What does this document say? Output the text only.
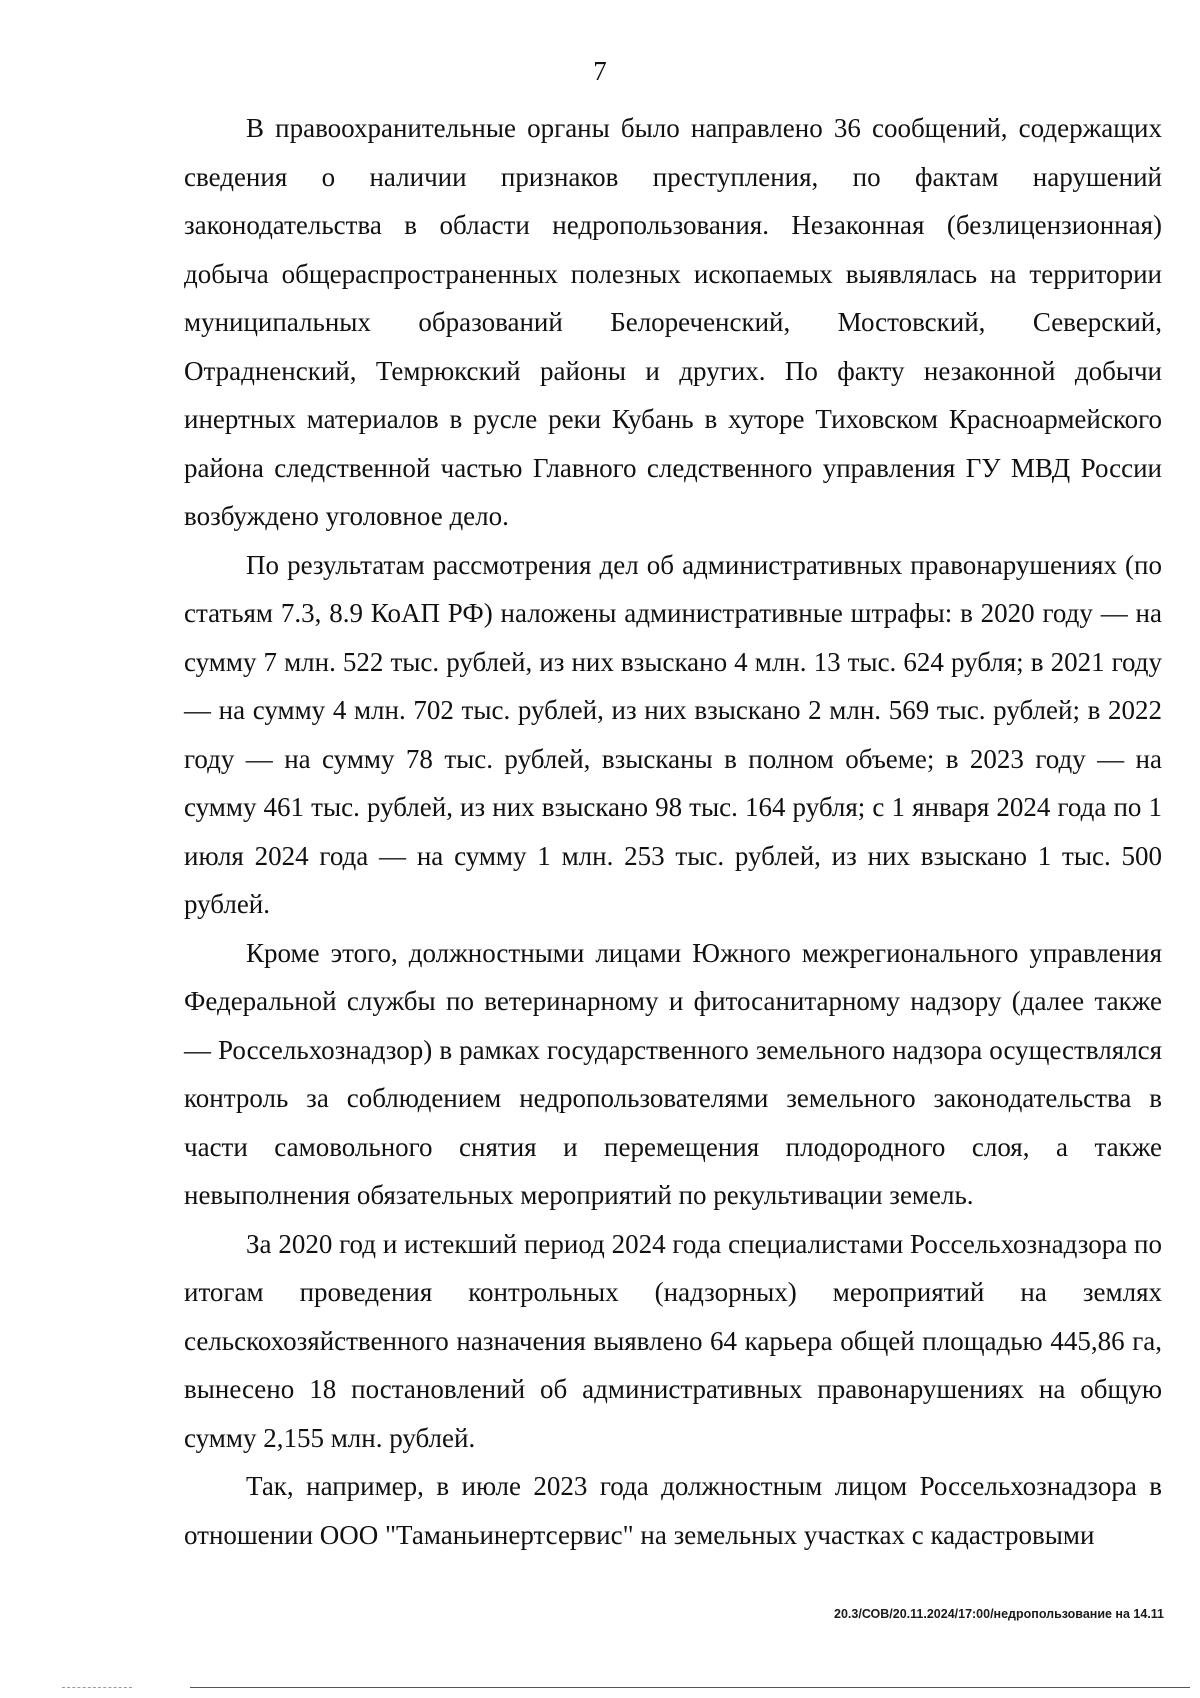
7

В правоохранительные органы было направлено 36 сообщений, содержащих сведения о наличии признаков преступления, по фактам нарушений законодательства в области недропользования. Незаконная (безлицензионная) добыча общераспространенных полезных ископаемых выявлялась на территории муниципальных образований Белореченский, Мостовский, Северский, Отрадненский, Темрюкский районы и других. По факту незаконной добычи инертных материалов в русле реки Кубань в хуторе Тиховском Красноармейского района следственной частью Главного следственного управления ГУ МВД России возбуждено уголовное дело.

По результатам рассмотрения дел об административных правонарушениях (по статьям 7.3, 8.9 КоАП РФ) наложены административные штрафы: в 2020 году — на сумму 7 млн. 522 тыс. рублей, из них взыскано 4 млн. 13 тыс. 624 рубля; в 2021 году — на сумму 4 млн. 702 тыс. рублей, из них взыскано 2 млн. 569 тыс. рублей; в 2022 году — на сумму 78 тыс. рублей, взысканы в полном объеме; в 2023 году — на сумму 461 тыс. рублей, из них взыскано 98 тыс. 164 рубля; с 1 января 2024 года по 1 июля 2024 года — на сумму 1 млн. 253 тыс. рублей, из них взыскано 1 тыс. 500 рублей.

Кроме этого, должностными лицами Южного межрегионального управления Федеральной службы по ветеринарному и фитосанитарному надзору (далее также — Россельхознадзор) в рамках государственного земельного надзора осуществлялся контроль за соблюдением недропользователями земельного законодательства в части самовольного снятия и перемещения плодородного слоя, а также невыполнения обязательных мероприятий по рекультивации земель.

За 2020 год и истекший период 2024 года специалистами Россельхознадзора по итогам проведения контрольных (надзорных) мероприятий на землях сельскохозяйственного назначения выявлено 64 карьера общей площадью 445,86 га, вынесено 18 постановлений об административных правонарушениях на общую сумму 2,155 млн. рублей.

Так, например, в июле 2023 года должностным лицом Россельхознадзора в отношении ООО "Таманьинертсервис" на земельных участках с кадастровыми

20.3/СОВ/20.11.2024/17:00/недропользование на 14.11
